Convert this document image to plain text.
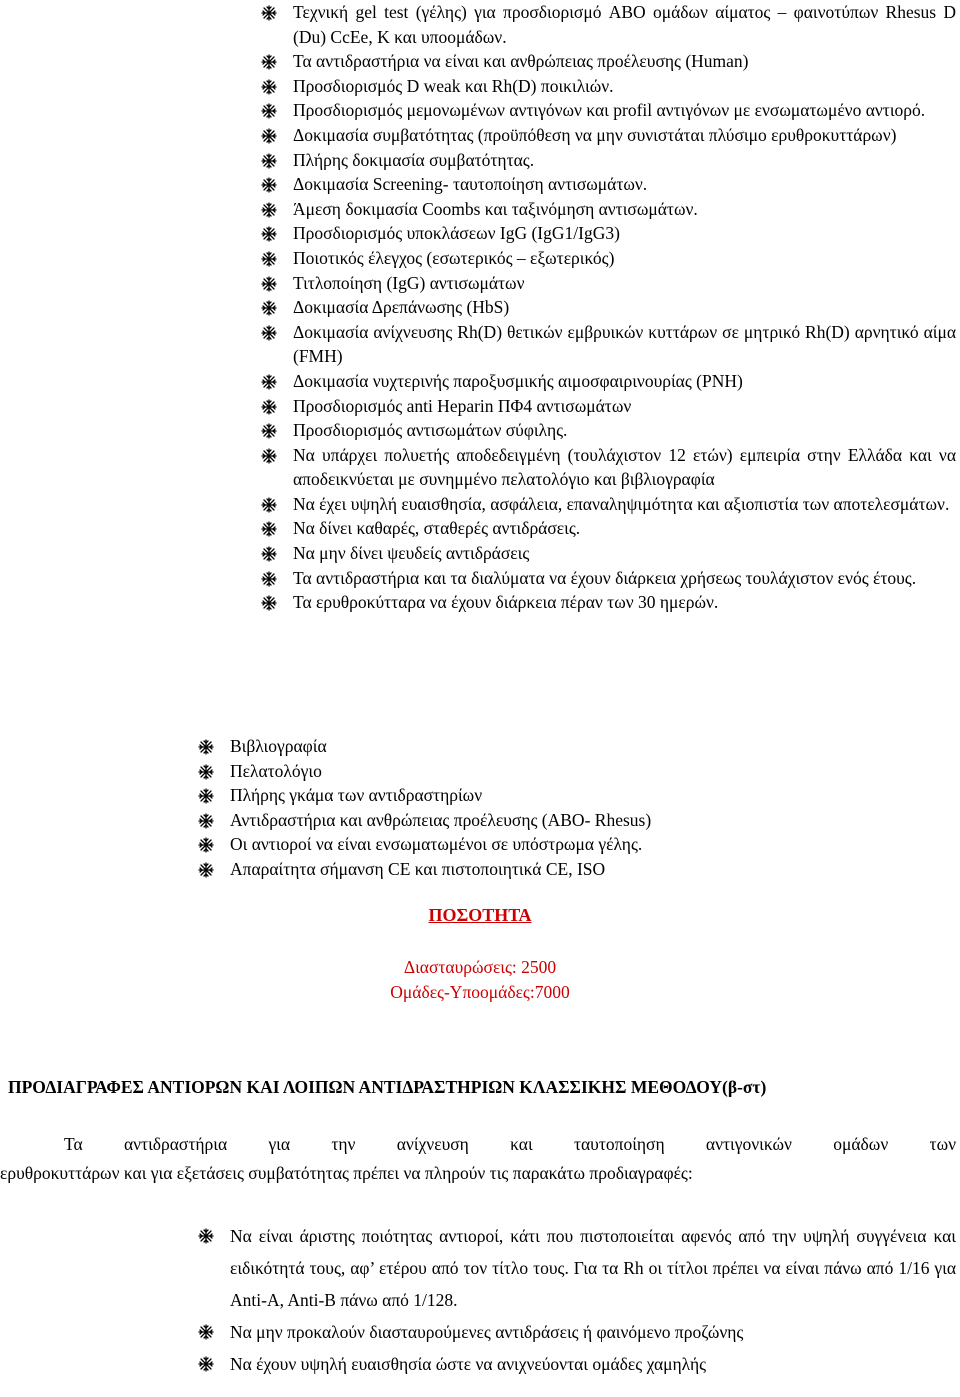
Τεχνική gel test (γέλης) για προσδιορισμό ABO ομάδων αίματος – φαινοτύπων Rhesus D (Du) CcEe, K και υποομάδων.
Τα αντιδραστήρια να είναι και ανθρώπειας προέλευσης (Human)
Προσδιορισμός D weak και Rh(D) ποικιλιών.
Προσδιορισμός μεμονωμένων αντιγόνων και profil αντιγόνων με ενσωματωμένο αντιορό.
Δοκιμασία συμβατότητας (προϋπόθεση να μην συνιστάται πλύσιμο ερυθροκυττάρων)
Πλήρης δοκιμασία συμβατότητας.
Δοκιμασία Screening- ταυτοποίηση αντισωμάτων.
Άμεση δοκιμασία Coombs και ταξινόμηση αντισωμάτων.
Προσδιορισμός υποκλάσεων IgG (IgG1/IgG3)
Ποιοτικός έλεγχος (εσωτερικός – εξωτερικός)
Τιτλοποίηση (IgG) αντισωμάτων
Δοκιμασία Δρεπάνωσης (HbS)
Δοκιμασία ανίχνευσης Rh(D) θετικών εμβρυικών κυττάρων σε μητρικό Rh(D) αρνητικό αίμα (FMH)
Δοκιμασία νυχτερινής παροξυσμικής αιμοσφαιρινουρίας (PNH)
Προσδιορισμός anti Heparin ΠΦ4 αντισωμάτων
Προσδιορισμός αντισωμάτων σύφιλης.
Να υπάρχει πολυετής αποδεδειγμένη (τουλάχιστον 12 ετών) εμπειρία στην Ελλάδα και να αποδεικνύεται με συνημμένο πελατολόγιο και βιβλιογραφία
Να έχει υψηλή ευαισθησία, ασφάλεια, επαναληψιμότητα και αξιοπιστία των αποτελεσμάτων.
Να δίνει καθαρές, σταθερές αντιδράσεις.
Να μην δίνει ψευδείς αντιδράσεις
Τα αντιδραστήρια και τα διαλύματα να έχουν διάρκεια χρήσεως τουλάχιστον ενός έτους.
Τα ερυθροκύτταρα να έχουν διάρκεια πέραν των 30 ημερών.
Βιβλιογραφία
Πελατολόγιο
Πλήρης γκάμα των αντιδραστηρίων
Αντιδραστήρια και ανθρώπειας προέλευσης (ABO- Rhesus)
Οι αντιοροί να είναι ενσωματωμένοι σε υπόστρωμα γέλης.
Απαραίτητα σήμανση CE και πιστοποιητικά CE, ISO
ΠΟΣΟΤΗΤΑ
Διασταυρώσεις: 2500
Ομάδες-Υποομάδες:7000
ΠΡΟΔΙΑΓΡΑΦΕΣ ΑΝΤΙΟΡΩΝ ΚΑΙ ΛΟΙΠΩΝ ΑΝΤΙΔΡΑΣΤΗΡΙΩΝ ΚΛΑΣΣΙΚΗΣ ΜΕΘΟΔΟΥ(β-στ)
Τα αντιδραστήρια για την ανίχνευση και ταυτοποίηση αντιγονικών ομάδων των
ερυθροκυττάρων και για εξετάσεις συμβατότητας πρέπει να πληρούν τις παρακάτω προδιαγραφές:
Να είναι άριστης ποιότητας αντιοροί, κάτι που πιστοποιείται αφενός από την υψηλή συγγένεια και ειδικότητά τους, αφ’ ετέρου από τον τίτλο τους. Για τα Rh οι τίτλοι πρέπει να είναι πάνω από 1/16 για Anti-A, Anti-B πάνω από 1/128.
Να μην προκαλούν διασταυρούμενες αντιδράσεις ή φαινόμενο προζώνης
Να έχουν υψηλή ευαισθησία ώστε να ανιχνεύονται ομάδες χαμηλής
